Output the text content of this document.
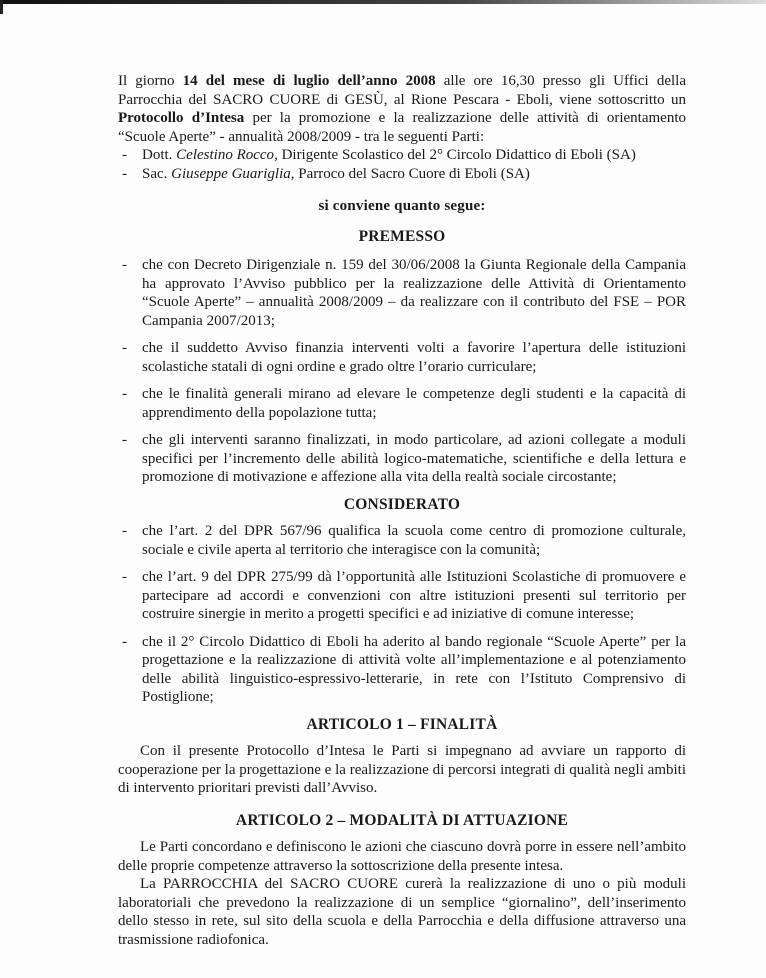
Il giorno 14 del mese di luglio dell’anno 2008 alle ore 16,30 presso gli Uffici della Parrocchia del SACRO CUORE di GESÙ, al Rione Pescara - Eboli, viene sottoscritto un Protocollo d’Intesa per la promozione e la realizzazione delle attività di orientamento “Scuole Aperte” - annualità 2008/2009 - tra le seguenti Parti:

- Dott. Celestino Rocco, Dirigente Scolastico del 2° Circolo Didattico di Eboli (SA)
- Sac. Giuseppe Guariglia, Parroco del Sacro Cuore di Eboli (SA)
si conviene quanto segue:
PREMESSO
- che con Decreto Dirigenziale n. 159 del 30/06/2008 la Giunta Regionale della Campania ha approvato l’Avviso pubblico per la realizzazione delle Attività di Orientamento “Scuole Aperte” – annualità 2008/2009 – da realizzare con il contributo del FSE – POR Campania 2007/2013;
- che il suddetto Avviso finanzia interventi volti a favorire l’apertura delle istituzioni scolastiche statali di ogni ordine e grado oltre l’orario curriculare;
- che le finalità generali mirano ad elevare le competenze degli studenti e la capacità di apprendimento della popolazione tutta;
- che gli interventi saranno finalizzati, in modo particolare, ad azioni collegate a moduli specifici per l’incremento delle abilità logico-matematiche, scientifiche e della lettura e promozione di motivazione e affezione alla vita della realtà sociale circostante;
CONSIDERATO
- che l’art. 2 del DPR 567/96 qualifica la scuola come centro di promozione culturale, sociale e civile aperta al territorio che interagisce con la comunità;
- che l’art. 9 del DPR 275/99 dà l’opportunità alle Istituzioni Scolastiche di promuovere e partecipare ad accordi e convenzioni con altre istituzioni presenti sul territorio per costruire sinergie in merito a progetti specifici e ad iniziative di comune interesse;
- che il 2° Circolo Didattico di Eboli ha aderito al bando regionale “Scuole Aperte” per la progettazione e la realizzazione di attività volte all’implementazione e al potenziamento delle abilità linguistico-espressivo-letterarie, in rete con l’Istituto Comprensivo di Postiglione;
ARTICOLO 1 – FINALITÀ

Con il presente Protocollo d’Intesa le Parti si impegnano ad avviare un rapporto di cooperazione per la progettazione e la realizzazione di percorsi integrati di qualità negli ambiti di intervento prioritari previsti dall’Avviso.

ARTICOLO 2 – MODALITÀ DI ATTUAZIONE

Le Parti concordano e definiscono le azioni che ciascuno dovrà porre in essere nell’ambito delle proprie competenze attraverso la sottoscrizione della presente intesa.

La PARROCCHIA del SACRO CUORE curerà la realizzazione di uno o più moduli laboratoriali che prevedono la realizzazione di un semplice “giornalino”, dell’inserimento dello stesso in rete, sul sito della scuola e della Parrocchia e della diffusione attraverso una trasmissione radiofonica.
